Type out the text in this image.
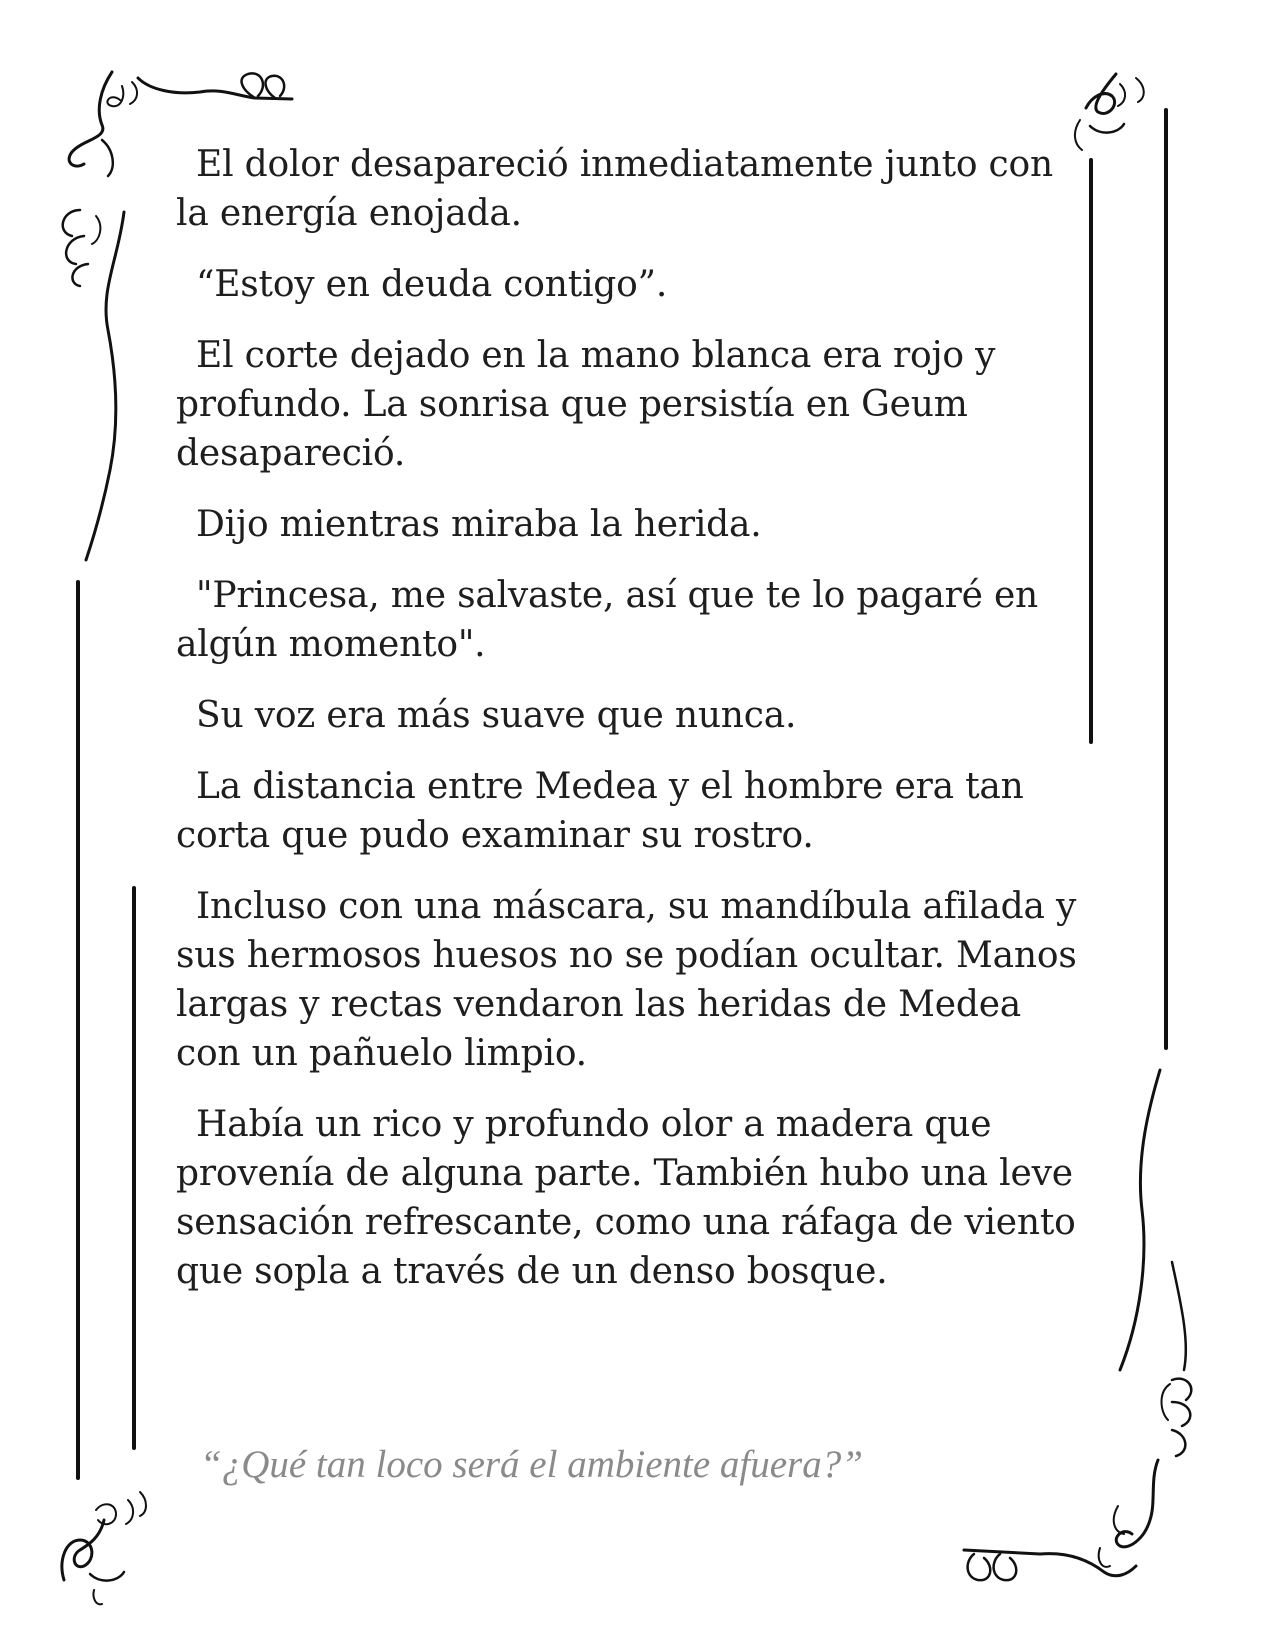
El dolor desapareció inmediatamente junto con la energía enojada.

“Estoy en deuda contigo”.

El corte dejado en la mano blanca era rojo y profundo. La sonrisa que persistía en Geum desapareció.

Dijo mientras miraba la herida.

"Princesa, me salvaste, así que te lo pagaré en algún momento".

Su voz era más suave que nunca.

La distancia entre Medea y el hombre era tan corta que pudo examinar su rostro.

Incluso con una máscara, su mandíbula afilada y sus hermosos huesos no se podían ocultar. Manos largas y rectas vendaron las heridas de Medea con un pañuelo limpio.

Había un rico y profundo olor a madera que provenía de alguna parte. También hubo una leve sensación refrescante, como una ráfaga de viento que sopla a través de un denso bosque.

“¿Qué tan loco será el ambiente afuera?”
